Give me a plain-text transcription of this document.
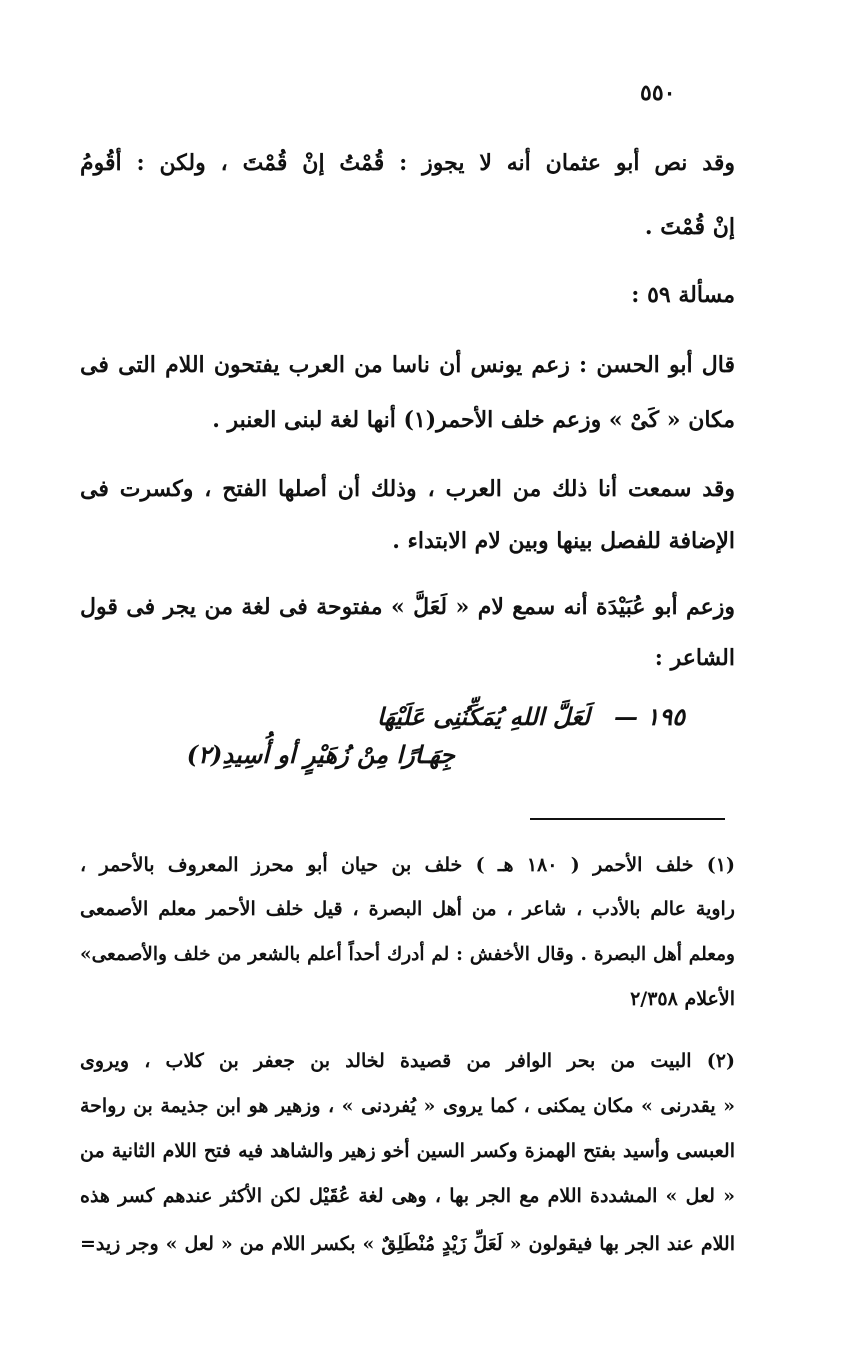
٥٥٠
وقد نص أبو عثمان أنه لا يجوز : قُمْتُ إنْ قُمْتَ ، ولكن : أقُومُ
إنْ قُمْتَ .
مسألة ٥٩ :
قال أبو الحسن : زعم يونس أن ناسا من العرب يفتحون اللام التى فى
مكان « كَىْ » وزعم خلف الأحمر(١) أنها لغة لبنى العنبر .
وقد سمعت أنا ذلك من العرب ، وذلك أن أصلها الفتح ، وكسرت فى
الإضافة للفصل بينها وبين لام الابتداء .
وزعم أبو عُبَيْدَة أنه سمع لام « لَعَلَّ » مفتوحة فى لغة من يجر فى قول
الشاعر :
١٩٥ —
لَعَلَّ اللهِ يُمَكِّنُنِى عَلَيْهَا
جِهَـارًا مِنْ زُهَيْرٍ أو أُسِيدِ(٢)
(١) خلف الأحمر ( ١٨٠ هـ ) خلف بن حيان أبو محرز المعروف بالأحمر ،
راوية عالم بالأدب ، شاعر ، من أهل البصرة ، قيل خلف الأحمر معلم الأصمعى
ومعلم أهل البصرة . وقال الأخفش : لم أدرك أحداً أعلم بالشعر من خلف والأصمعى»
الأعلام ٢/٣٥٨
(٢) البيت من بحر الوافر من قصيدة لخالد بن جعفر بن كلاب ، ويروى
« يقدرنى » مكان يمكنى ، كما يروى « يُفردنى » ، وزهير هو ابن جذيمة بن رواحة
العبسى وأسيد بفتح الهمزة وكسر السين أخو زهير والشاهد فيه فتح اللام الثانية من
« لعل » المشددة اللام مع الجر بها ، وهى لغة عُقَيْل لكن الأكثر عندهم كسر هذه
اللام عند الجر بها فيقولون « لَعَلِّ زَيْدٍ مُنْطَلِقٌ » بكسر اللام من « لعل » وجر زيد=
